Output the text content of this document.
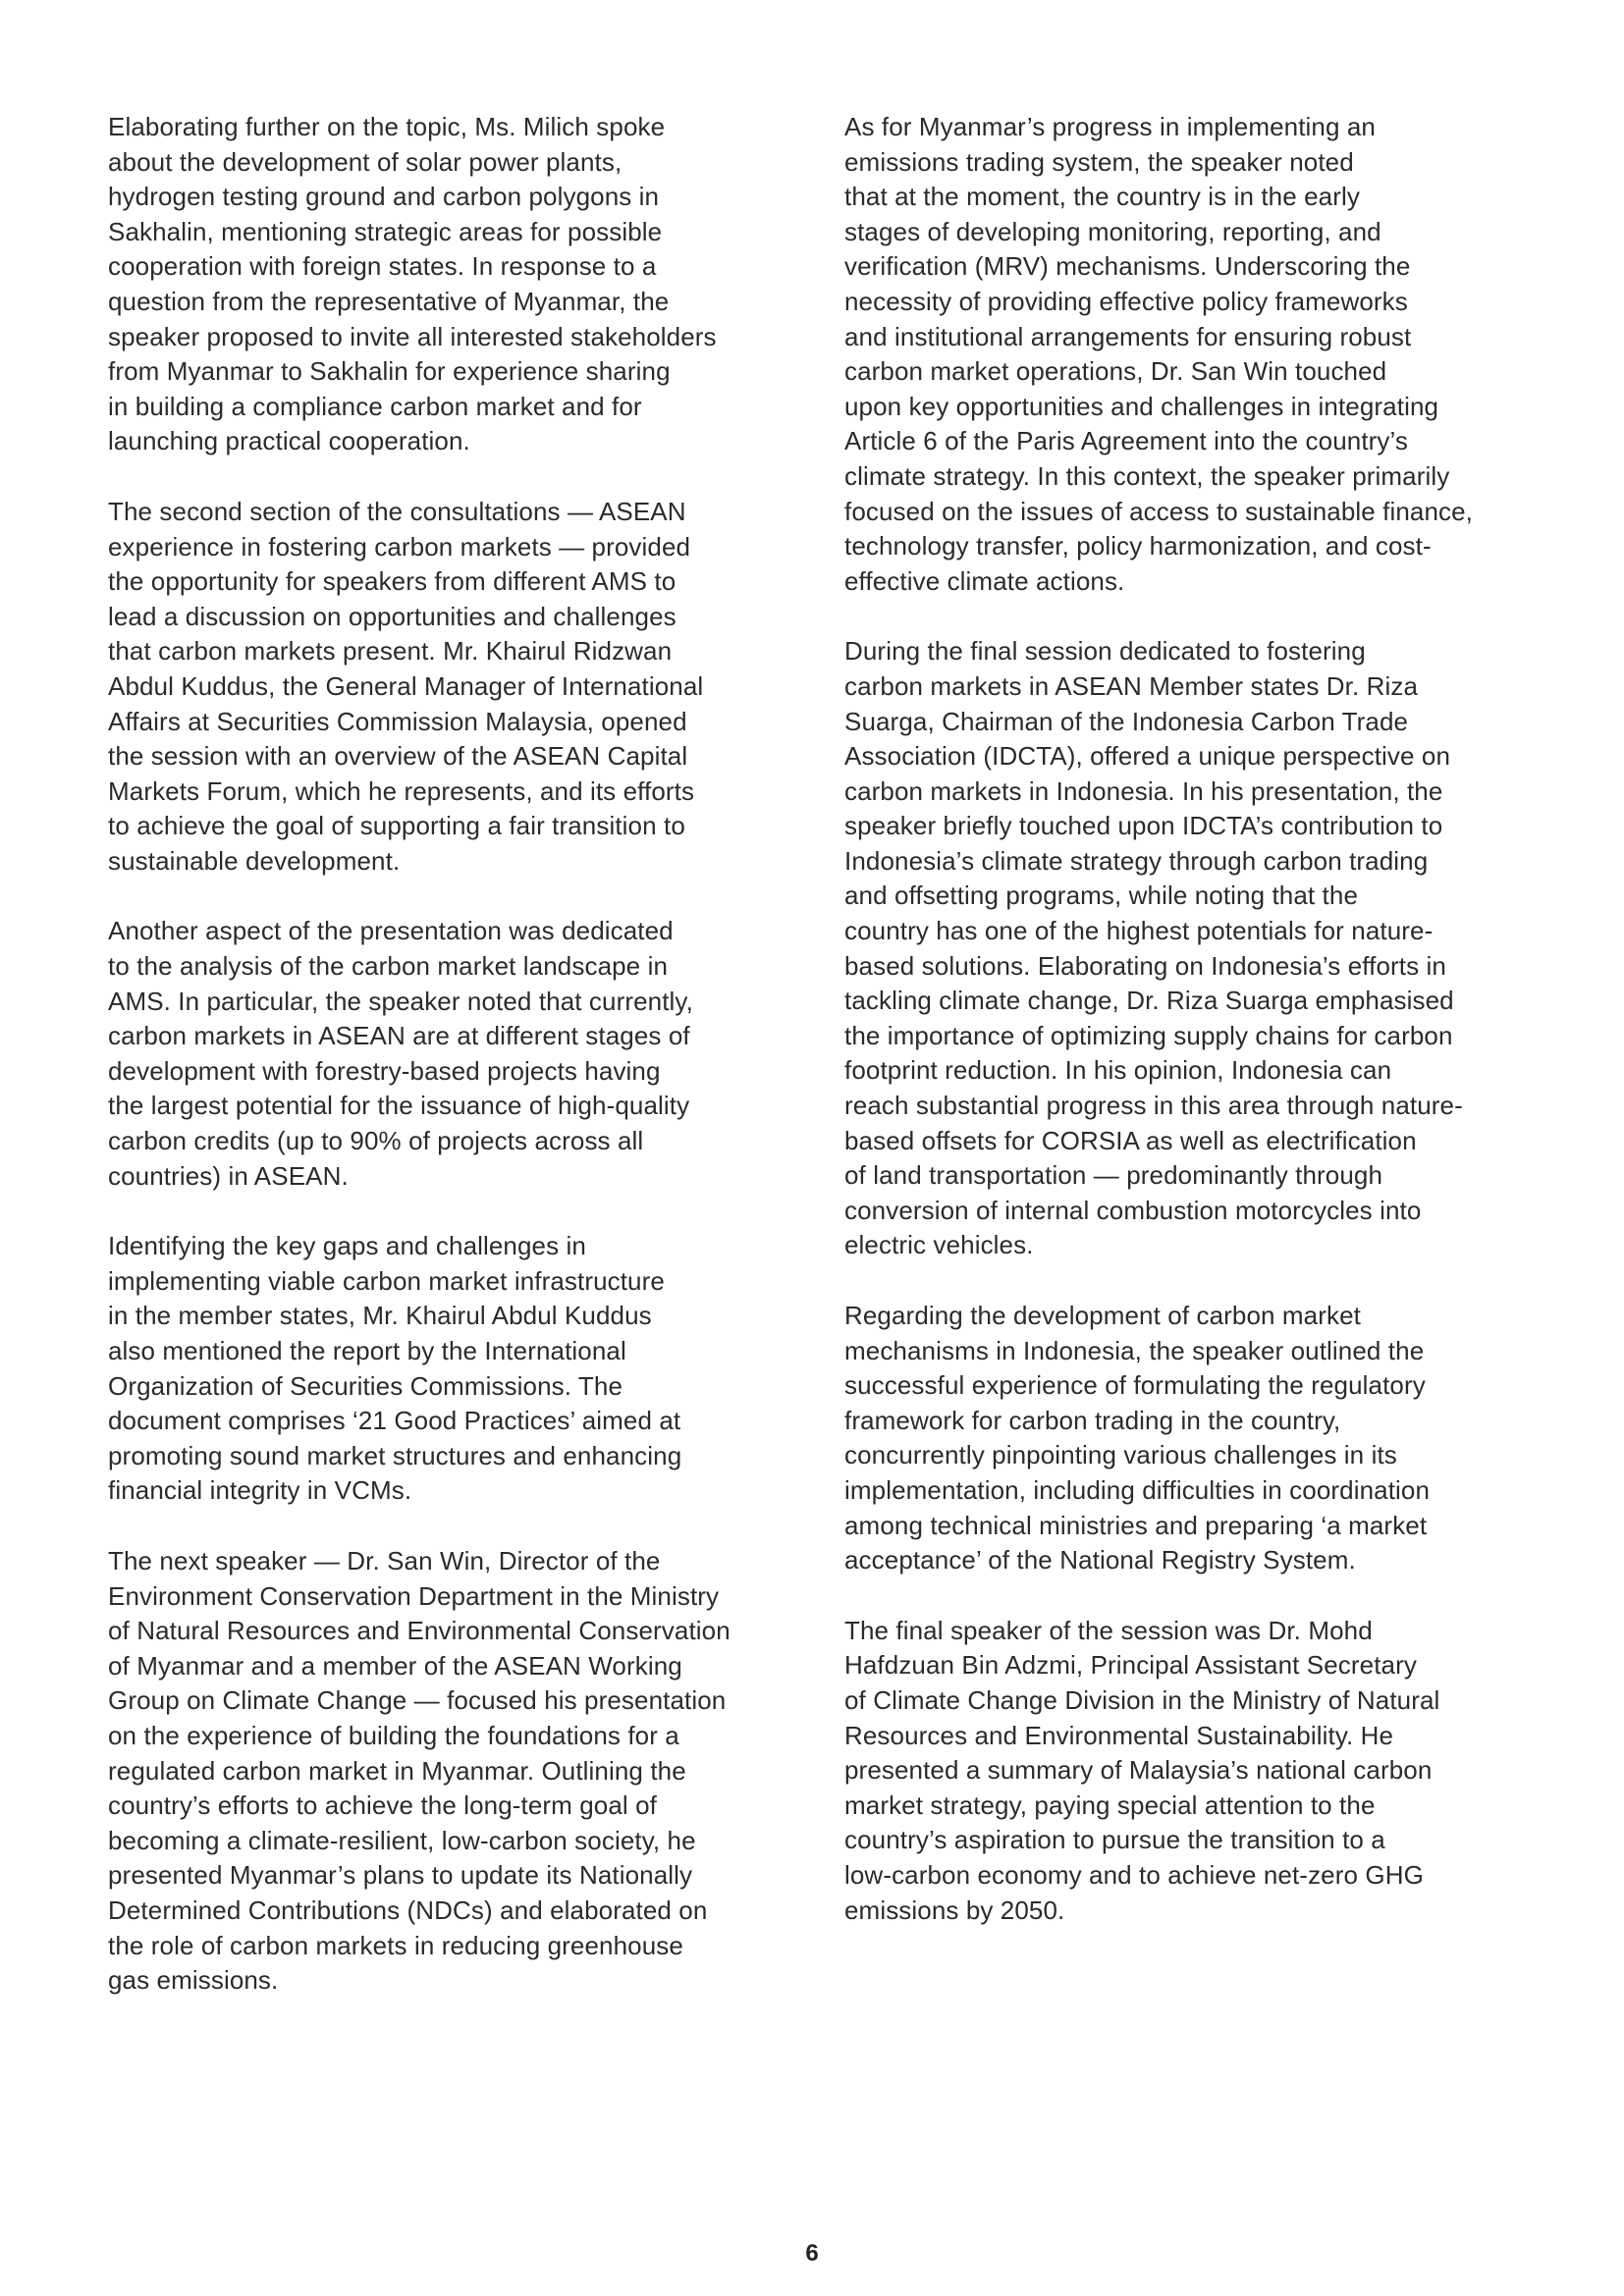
Elaborating further on the topic, Ms. Milich spoke
about the development of solar power plants,
hydrogen testing ground and carbon polygons in
Sakhalin, mentioning strategic areas for possible
cooperation with foreign states. In response to a
question from the representative of Myanmar, the
speaker proposed to invite all interested stakeholders
from Myanmar to Sakhalin for experience sharing
in building a compliance carbon market and for
launching practical cooperation.

The second section of the consultations — ASEAN
experience in fostering carbon markets — provided
the opportunity for speakers from different AMS to
lead a discussion on opportunities and challenges
that carbon markets present. Mr. Khairul Ridzwan
Abdul Kuddus, the General Manager of International
Affairs at Securities Commission Malaysia, opened
the session with an overview of the ASEAN Capital
Markets Forum, which he represents, and its efforts
to achieve the goal of supporting a fair transition to
sustainable development.

Another aspect of the presentation was dedicated
to the analysis of the carbon market landscape in
AMS. In particular, the speaker noted that currently,
carbon markets in ASEAN are at different stages of
development with forestry-based projects having
the largest potential for the issuance of high-quality
carbon credits (up to 90% of projects across all
countries) in ASEAN.

Identifying the key gaps and challenges in
implementing viable carbon market infrastructure
in the member states, Mr. Khairul Abdul Kuddus
also mentioned the report by the International
Organization of Securities Commissions. The
document comprises ‘21 Good Practices’ aimed at
promoting sound market structures and enhancing
financial integrity in VCMs.

The next speaker — Dr. San Win, Director of the
Environment Conservation Department in the Ministry
of Natural Resources and Environmental Conservation
of Myanmar and a member of the ASEAN Working
Group on Climate Change — focused his presentation
on the experience of building the foundations for a
regulated carbon market in Myanmar. Outlining the
country’s efforts to achieve the long-term goal of
becoming a climate-resilient, low-carbon society, he
presented Myanmar’s plans to update its Nationally
Determined Contributions (NDCs) and elaborated on
the role of carbon markets in reducing greenhouse
gas emissions.

As for Myanmar’s progress in implementing an
emissions trading system, the speaker noted
that at the moment, the country is in the early
stages of developing monitoring, reporting, and
verification (MRV) mechanisms. Underscoring the
necessity of providing effective policy frameworks
and institutional arrangements for ensuring robust
carbon market operations, Dr. San Win touched
upon key opportunities and challenges in integrating
Article 6 of the Paris Agreement into the country’s
climate strategy. In this context, the speaker primarily
focused on the issues of access to sustainable finance,
technology transfer, policy harmonization, and cost-
effective climate actions.

During the final session dedicated to fostering
carbon markets in ASEAN Member states Dr. Riza
Suarga, Chairman of the Indonesia Carbon Trade
Association (IDCTA), offered a unique perspective on
carbon markets in Indonesia. In his presentation, the
speaker briefly touched upon IDCTA’s contribution to
Indonesia’s climate strategy through carbon trading
and offsetting programs, while noting that the
country has one of the highest potentials for nature-
based solutions. Elaborating on Indonesia’s efforts in
tackling climate change, Dr. Riza Suarga emphasised
the importance of optimizing supply chains for carbon
footprint reduction. In his opinion, Indonesia can
reach substantial progress in this area through nature-
based offsets for CORSIA as well as electrification
of land transportation — predominantly through
conversion of internal combustion motorcycles into
electric vehicles.

Regarding the development of carbon market
mechanisms in Indonesia, the speaker outlined the
successful experience of formulating the regulatory
framework for carbon trading in the country,
concurrently pinpointing various challenges in its
implementation, including difficulties in coordination
among technical ministries and preparing ‘a market
acceptance’ of the National Registry System.

The final speaker of the session was Dr. Mohd
Hafdzuan Bin Adzmi, Principal Assistant Secretary
of Climate Change Division in the Ministry of Natural
Resources and Environmental Sustainability. He
presented a summary of Malaysia’s national carbon
market strategy, paying special attention to the
country’s aspiration to pursue the transition to a
low-carbon economy and to achieve net-zero GHG
emissions by 2050.

6
